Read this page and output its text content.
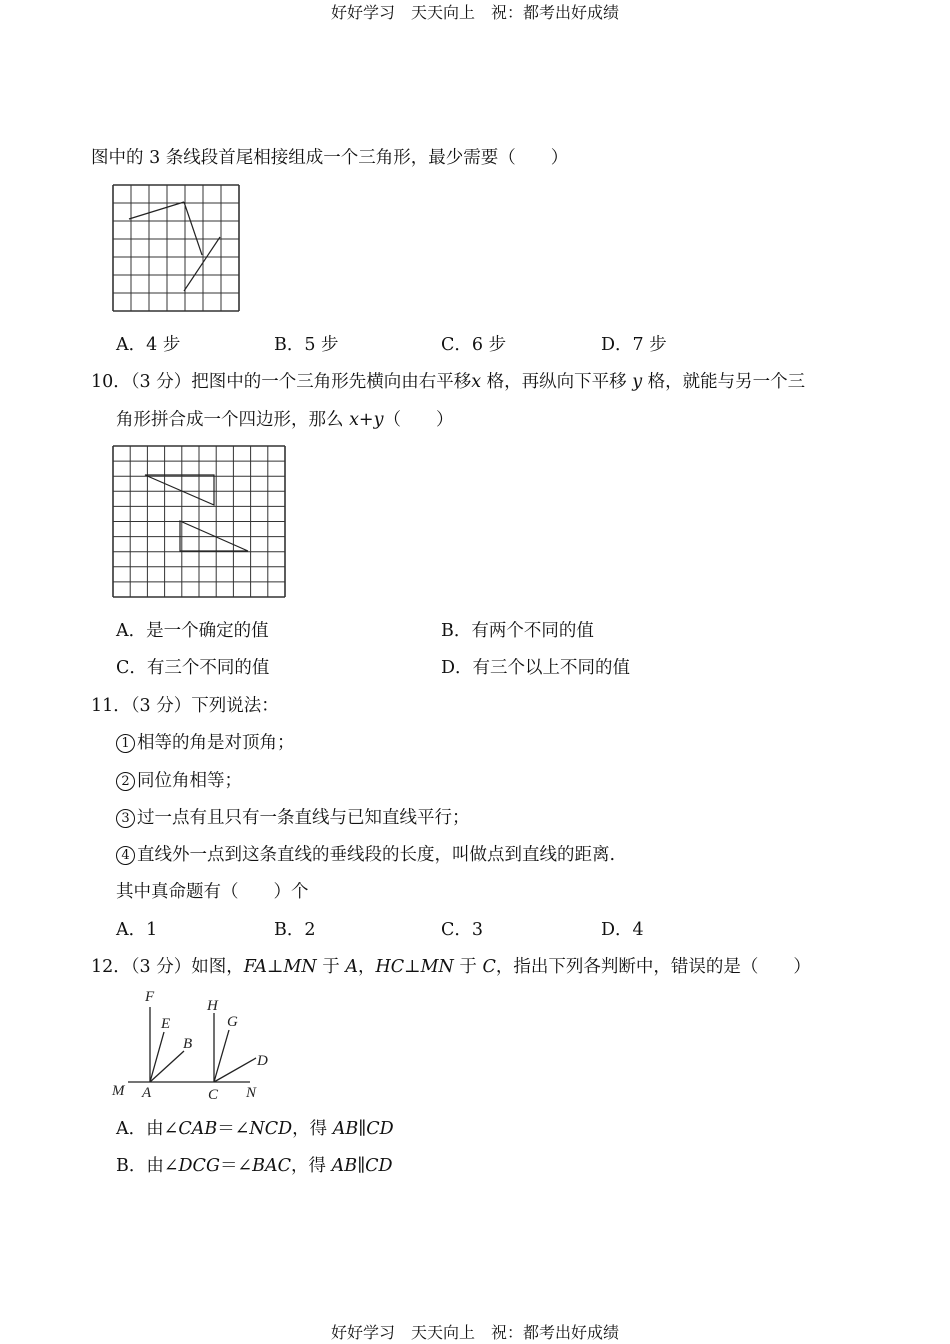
好好学习　天天向上　祝：都考出好成绩
好好学习　天天向上　祝：都考出好成绩
图中的 3 条线段首尾相接组成一个三角形，最少需要（　　）
A．4 步	B．5 步	C．6 步	D．7 步
10．（3 分）把图中的一个三角形先横向由右平移x 格，再纵向下平移 y 格，就能与另一个三
角形拼合成一个四边形，那么 x+y（　　）
A．是一个确定的值	B．有两个不同的值
C．有三个不同的值	D．有三个以上不同的值
11．（3 分）下列说法：
1 相等的角是对顶角；
2 同位角相等；
3 过一点有且只有一条直线与已知直线平行；
4 直线外一点到这条直线的垂线段的长度，叫做点到直线的距离.
其中真命题有（　　）个
A．1	B．2	C．3	D．4
12．（3 分）如图，FA⊥MN 于 A，HC⊥MN 于 C，指出下列各判断中，错误的是（　　）
F
E
B
H
G
D
M A	C N
A．由∠CAB＝∠NCD，得 AB∥CD
B．由∠DCG＝∠BAC，得 AB∥CD
